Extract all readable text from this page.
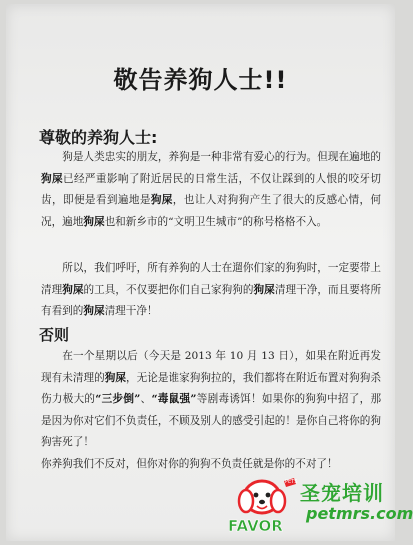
敬告养狗人士!!
尊敬的养狗人士:
狗是人类忠实的朋友，养狗是一种非常有爱心的行为。但现在遍地的狗屎已经严重影响了附近居民的日常生活，不仅让踩到的人恨的咬牙切齿，即便是看到遍地是狗屎，也让人对狗狗产生了很大的反感心情，何况，遍地狗屎也和新乡市的“文明卫生城市”的称号格格不入。
所以，我们呼吁，所有养狗的人士在遛你们家的狗狗时，一定要带上清理狗屎的工具，不仅要把你们自己家狗狗的狗屎清理干净，而且要将所有看到的狗屎清理干净！
否则
在一个星期以后（今天是 2013 年 10 月 13 日），如果在附近再发现有未清理的狗屎，无论是谁家狗狗拉的，我们都将在附近布置对狗狗杀伤力极大的“三步倒”、“毒鼠强”等剧毒诱饵！如果你的狗狗中招了，那是因为你对它们不负责任，不顾及别人的感受引起的！是你自己将你的狗狗害死了！
你养狗我们不反对，但你对你的狗狗不负责任就是你的不对了！
PETS
FAVOR
圣宠培训
petmrs.com
